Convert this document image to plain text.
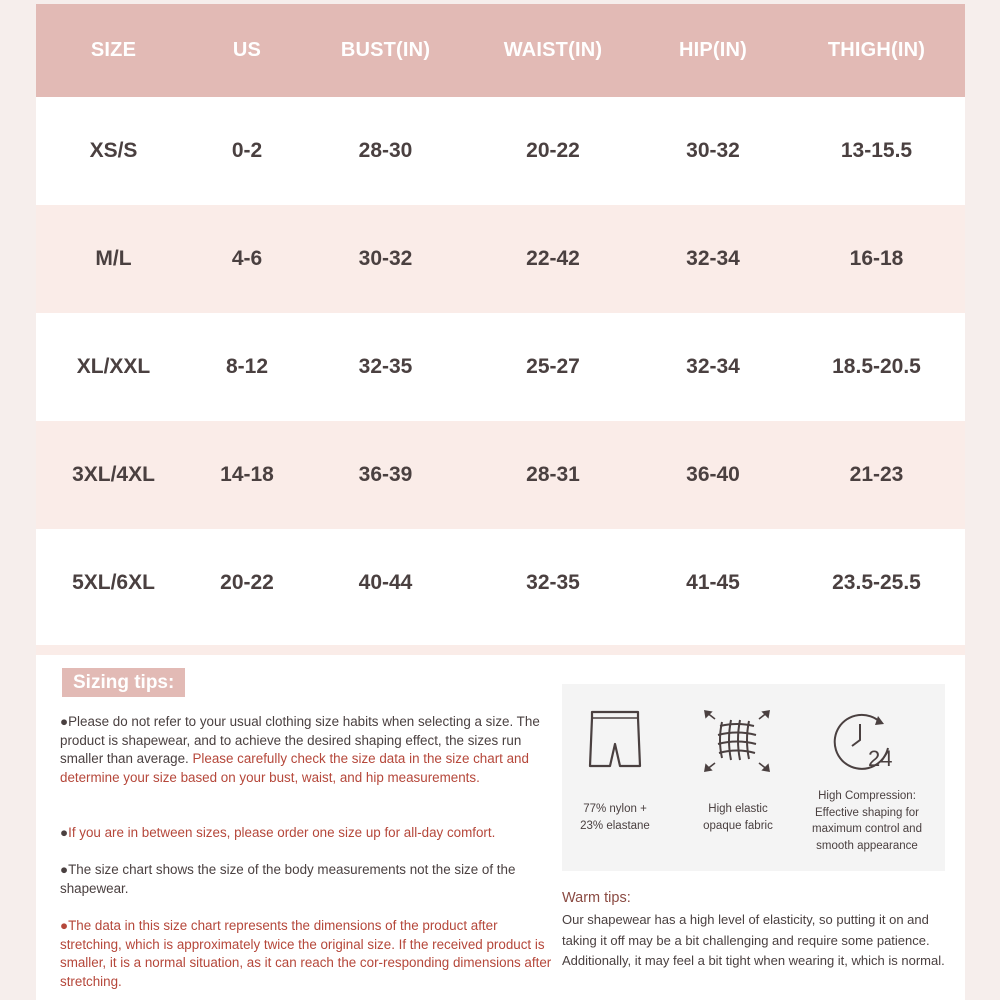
SIZE	US	BUST(IN)	WAIST(IN)	HIP(IN)	THIGH(IN)
XS/S	0-2	28-30	20-22	30-32	13-15.5
M/L	4-6	30-32	22-42	32-34	16-18
XL/XXL	8-12	32-35	25-27	32-34	18.5-20.5
3XL/4XL	14-18	36-39	28-31	36-40	21-23
5XL/6XL	20-22	40-44	32-35	41-45	23.5-25.5
Sizing tips:
●Please do not refer to your usual clothing size habits when selecting a size. The product is shapewear, and to achieve the desired shaping effect, the sizes run smaller than average. Please carefully check the size data in the size chart and determine your size based on your bust, waist, and hip measurements.
●If you are in between sizes, please order one size up for all-day comfort.
●The size chart shows the size of the body measurements not the size of the shapewear.
●The data in this size chart represents the dimensions of the product after stretching, which is approximately twice the original size. If the received product is smaller, it is a normal situation, as it can reach the cor-responding dimensions after stretching.
77% nylon +
23% elastane
High elastic
opaque fabric
24
High Compression:
Effective shaping for
maximum control and
smooth appearance
Warm tips:
Our shapewear has a high level of elasticity, so putting it on and taking it off may be a bit challenging and require some patience. Additionally, it may feel a bit tight when wearing it, which is normal.
